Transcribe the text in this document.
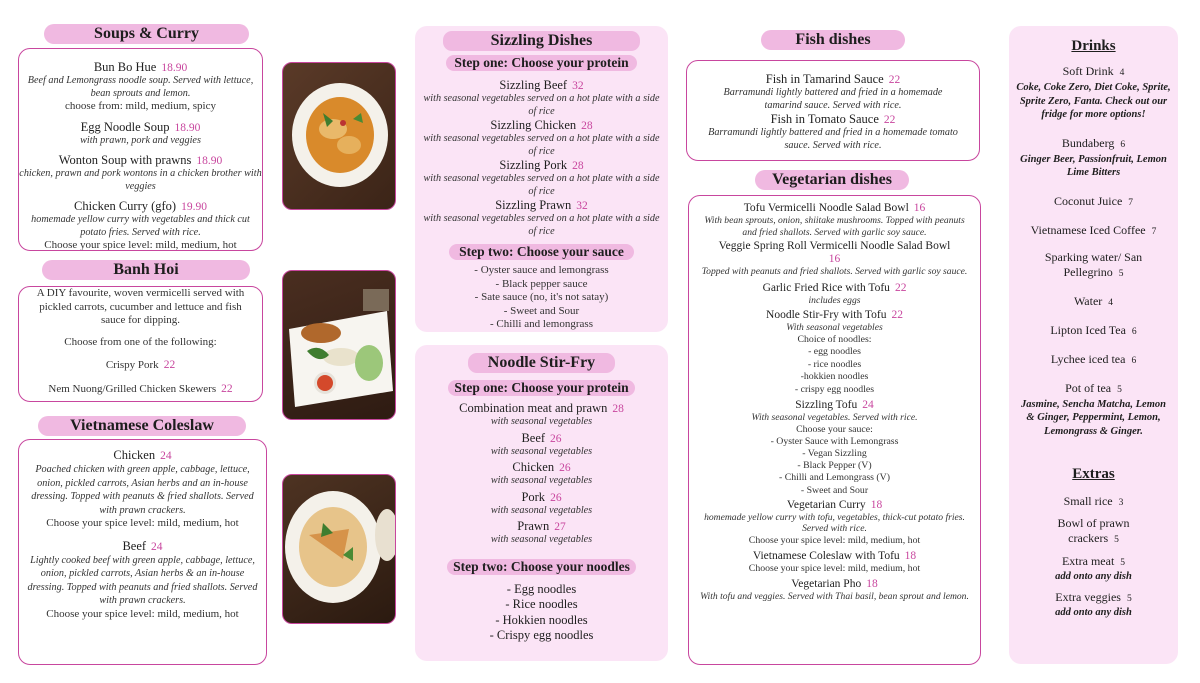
Soups & Curry
Bun Bo Hue 18.90
Beef and Lemongrass noodle soup. Served with lettuce, bean sprouts and lemon.
choose from: mild, medium, spicy
Egg Noodle Soup 18.90
with prawn, pork and veggies
Wonton Soup with prawns 18.90
chicken, prawn and pork wontons in a chicken brother with veggies
Chicken Curry (gfo) 19.90
homemade yellow curry with vegetables and thick cut potato fries. Served with rice.
Choose your spice level: mild, medium, hot
Banh Hoi
A DIY favourite, woven vermicelli served with pickled carrots, cucumber and lettuce and fish sauce for dipping.
Choose from one of the following:
Crispy Pork 22
Nem Nuong/Grilled Chicken Skewers 22
Vietnamese Coleslaw
Chicken 24
Poached chicken with green apple, cabbage, lettuce, onion, pickled carrots, Asian herbs and an in-house dressing. Topped with peanuts & fried shallots. Served with prawn crackers.
Choose your spice level: mild, medium, hot
Beef 24
Lightly cooked beef with green apple, cabbage, lettuce, onion, pickled carrots, Asian herbs & an in-house dressing. Topped with peanuts and fried shallots. Served with prawn crackers.
Choose your spice level: mild, medium, hot
Sizzling Dishes
Step one: Choose your protein
Sizzling Beef 32
with seasonal vegetables served on a hot plate with a side of rice
Sizzling Chicken 28
with seasonal vegetables served on a hot plate with a side of rice
Sizzling Pork 28
with seasonal vegetables served on a hot plate with a side of rice
Sizzling Prawn 32
with seasonal vegetables served on a hot plate with a side of rice
Step two: Choose your sauce
- Oyster sauce and lemongrass
- Black pepper sauce
- Sate sauce (no, it's not satay)
- Sweet and Sour
- Chilli and lemongrass
Noodle Stir-Fry
Step one: Choose your protein
Combination meat and prawn 28
with seasonal vegetables
Beef 26
with seasonal vegetables
Chicken 26
with seasonal vegetables
Pork 26
with seasonal vegetables
Prawn 27
with seasonal vegetables
Step two: Choose your noodles
- Egg noodles
- Rice noodles
- Hokkien noodles
- Crispy egg noodles
Fish dishes
Fish in Tamarind Sauce 22
Barramundi lightly battered and fried in a homemade tamarind sauce. Served with rice.
Fish in Tomato Sauce 22
Barramundi lightly battered and fried in a homemade tomato sauce. Served with rice.
Vegetarian dishes
Tofu Vermicelli Noodle Salad Bowl 16
With bean sprouts, onion, shiitake mushrooms. Topped with peanuts and fried shallots. Served with garlic soy sauce.
Veggie Spring Roll Vermicelli Noodle Salad Bowl
16
Topped with peanuts and fried shallots. Served with garlic soy sauce.
Garlic Fried Rice with Tofu 22
includes eggs
Noodle Stir-Fry with Tofu 22
With seasonal vegetables
Choice of noodles:
- egg noodles
- rice noodles
-hokkien noodles
- crispy egg noodles
Sizzling Tofu 24
With seasonal vegetables. Served with rice.
Choose your sauce:
- Oyster Sauce with Lemongrass
- Vegan Sizzling
- Black Pepper (V)
- Chilli and Lemongrass (V)
- Sweet and Sour
Vegetarian Curry 18
homemade yellow curry with tofu, vegetables, thick-cut potato fries. Served with rice.
Choose your spice level: mild, medium, hot
Vietnamese Coleslaw with Tofu 18
Choose your spice level: mild, medium, hot
Vegetarian Pho 18
With tofu and veggies. Served with Thai basil, bean sprout and lemon.
Drinks
Soft Drink 4
Coke, Coke Zero, Diet Coke, Sprite, Sprite Zero, Fanta. Check out our fridge for more options!
Bundaberg 6
Ginger Beer, Passionfruit, Lemon Lime Bitters
Coconut Juice 7
Vietnamese Iced Coffee 7
Sparking water/ San Pellegrino 5
Water 4
Lipton Iced Tea 6
Lychee iced tea 6
Pot of tea 5
Jasmine, Sencha Matcha, Lemon & Ginger, Peppermint, Lemon, Lemongrass & Ginger.
Extras
Small rice 3
Bowl of prawn crackers 5
Extra meat 5
add onto any dish
Extra veggies 5
add onto any dish
